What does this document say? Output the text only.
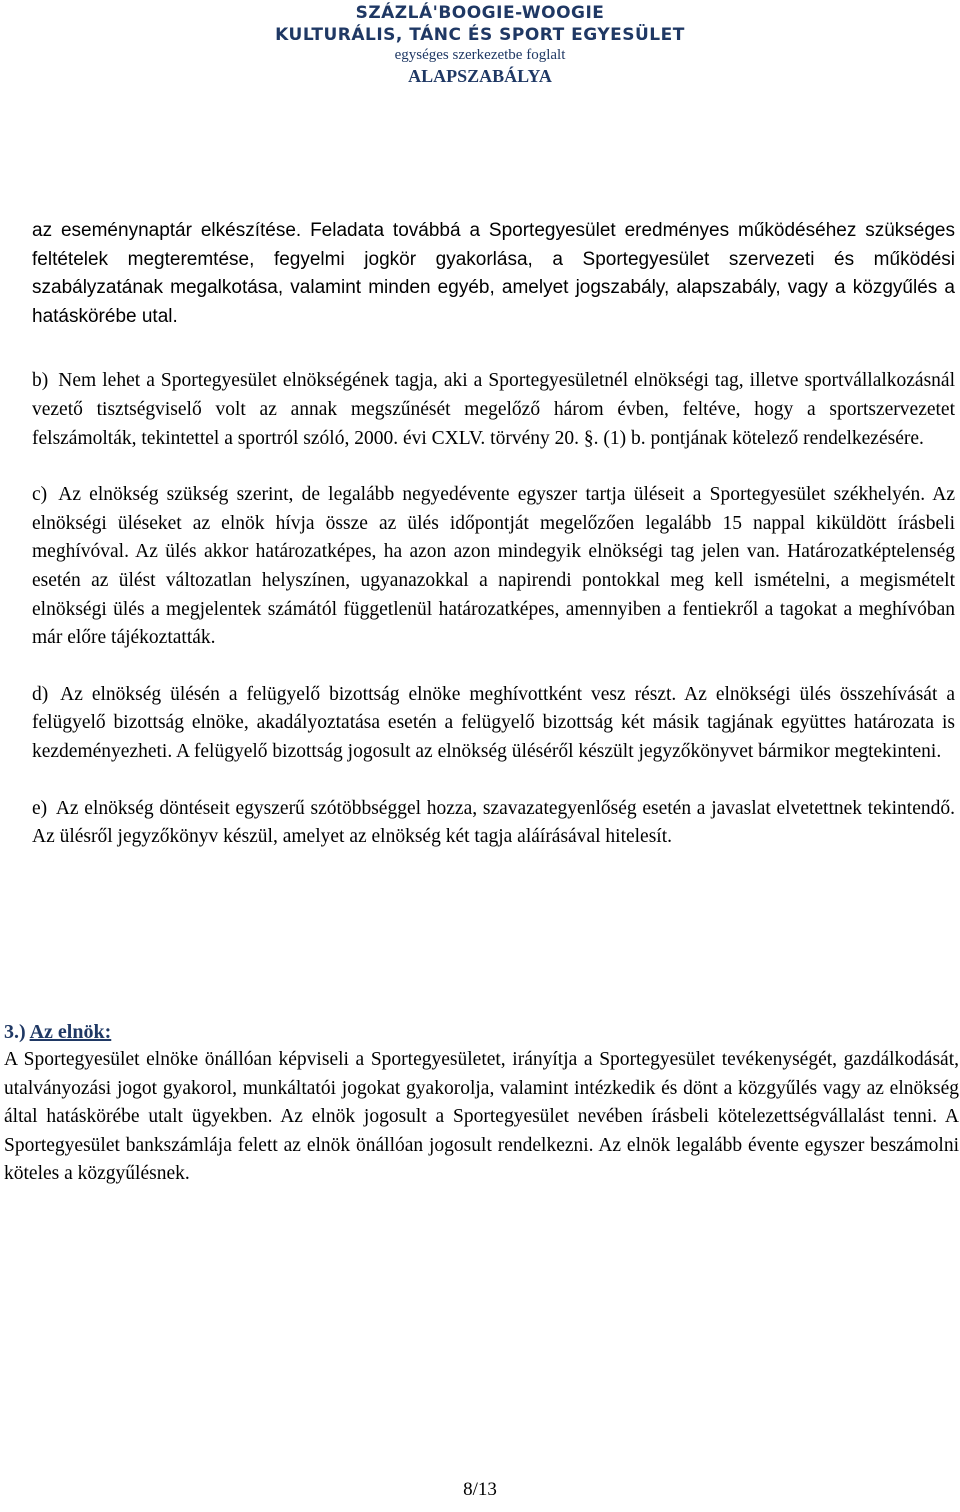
SZÁZLÁ'BOOGIE-WOOGIE
KULTURÁLIS, TÁNC ÉS SPORT EGYESÜLET
egységes szerkezetbe foglalt
ALAPSZABÁLYA

az eseménynaptár elkészítése. Feladata továbbá a Sportegyesület eredményes működéséhez szükséges feltételek megteremtése, fegyelmi jogkör gyakorlása, a Sportegyesület szervezeti és működési szabályzatának megalkotása, valamint minden egyéb, amelyet jogszabály, alapszabály, vagy a közgyűlés a hatáskörébe utal.

b) Nem lehet a Sportegyesület elnökségének tagja, aki a Sportegyesületnél elnökségi tag, illetve sportvállalkozásnál vezető tisztségviselő volt az annak megszűnését megelőző három évben, feltéve, hogy a sportszervezetet felszámolták, tekintettel a sportról szóló, 2000. évi CXLV. törvény 20. §. (1) b. pontjának kötelező rendelkezésére.

c) Az elnökség szükség szerint, de legalább negyedévente egyszer tartja üléseit a Sportegyesület székhelyén. Az elnökségi üléseket az elnök hívja össze az ülés időpontját megelőzően legalább 15 nappal kiküldött írásbeli meghívóval. Az ülés akkor határozatképes, ha azon azon mindegyik elnökségi tag jelen van. Határozatképtelenség esetén az ülést változatlan helyszínen, ugyanazokkal a napirendi pontokkal meg kell ismételni, a megismételt elnökségi ülés a megjelentek számától függetlenül határozatképes, amennyiben a fentiekről a tagokat a meghívóban már előre tájékoztatták.

d) Az elnökség ülésén a felügyelő bizottság elnöke meghívottként vesz részt. Az elnökségi ülés összehívását a felügyelő bizottság elnöke, akadályoztatása esetén a felügyelő bizottság két másik tagjának együttes határozata is kezdeményezheti. A felügyelő bizottság jogosult az elnökség üléséről készült jegyzőkönyvet bármikor megtekinteni.

e) Az elnökség döntéseit egyszerű szótöbbséggel hozza, szavazategyenlőség esetén a javaslat elvetettnek tekintendő. Az ülésről jegyzőkönyv készül, amelyet az elnökség két tagja aláírásával hitelesít.

3.) Az elnök:

A Sportegyesület elnöke önállóan képviseli a Sportegyesületet, irányítja a Sportegyesület tevékenységét, gazdálkodását, utalványozási jogot gyakorol, munkáltatói jogokat gyakorolja, valamint intézkedik és dönt a közgyűlés vagy az elnökség által hatáskörébe utalt ügyekben. Az elnök jogosult a Sportegyesület nevében írásbeli kötelezettségvállalást tenni. A Sportegyesület bankszámlája felett az elnök önállóan jogosult rendelkezni. Az elnök legalább évente egyszer beszámolni köteles a közgyűlésnek.

8/13
